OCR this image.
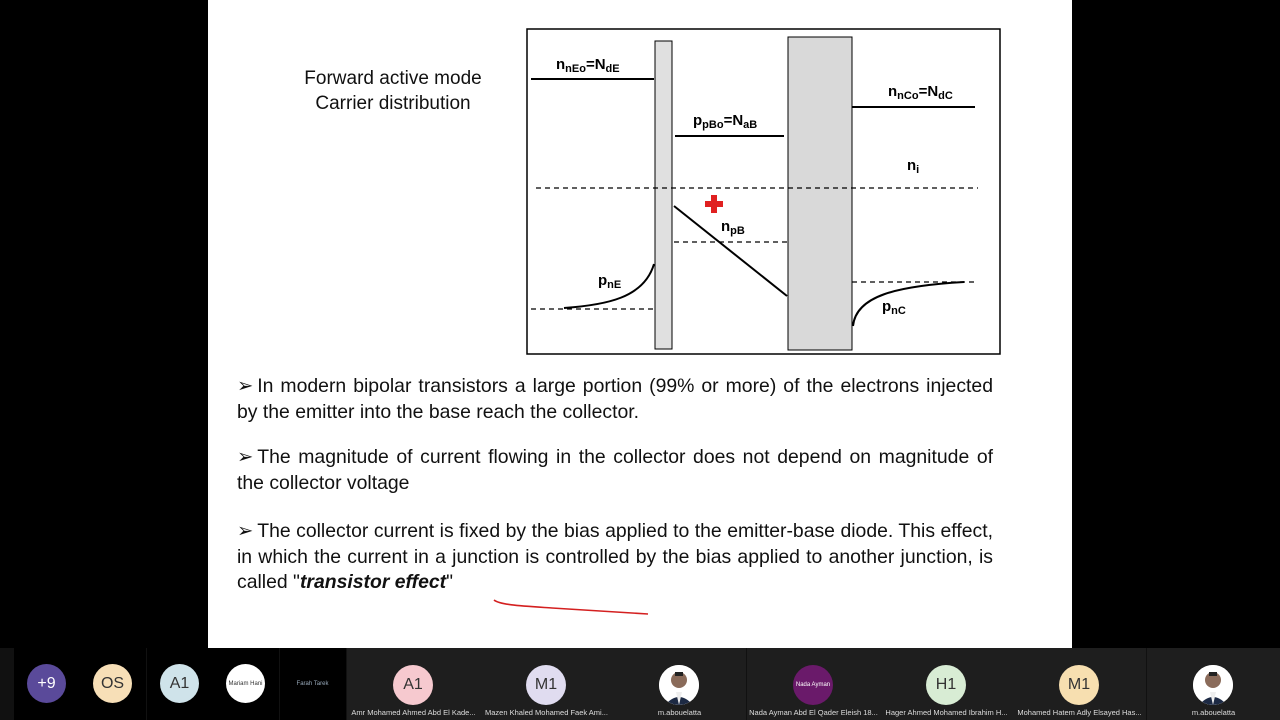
Forward active mode
Carrier distribution
$n_{nEo}=N_{dE}$
$p_{pBo}=N_{aB}$
$n_{nCo}=N_{dC}$
$n_i$
$n_{pB}$
$p_{nE}$
$p_{nC}$
➢ In modern bipolar transistors a large portion (99% or more) of the electrons injected by the emitter into the base reach the collector.
➢ The magnitude of current flowing in the collector does not depend on magnitude of the collector voltage
➢ The collector current is fixed by the bias applied to the emitter-base diode. This effect, in which the current in a junction is controlled by the bias applied to another junction, is called "transistor effect"
+9	OS	A1	Mariam Hani	Farah Tarek	A1
Amr Mohamed Ahmed Abd El Kade...
M1
Mazen Khaled Mohamed Faek Ami...	m.abouelatta
Nada Ayman
Nada Ayman Abd El Qader Eleish 18...
H1
Hager Ahmed Mohamed Ibrahim H...
M1
Mohamed Hatem Adly Elsayed Has...	m.abouelatta
